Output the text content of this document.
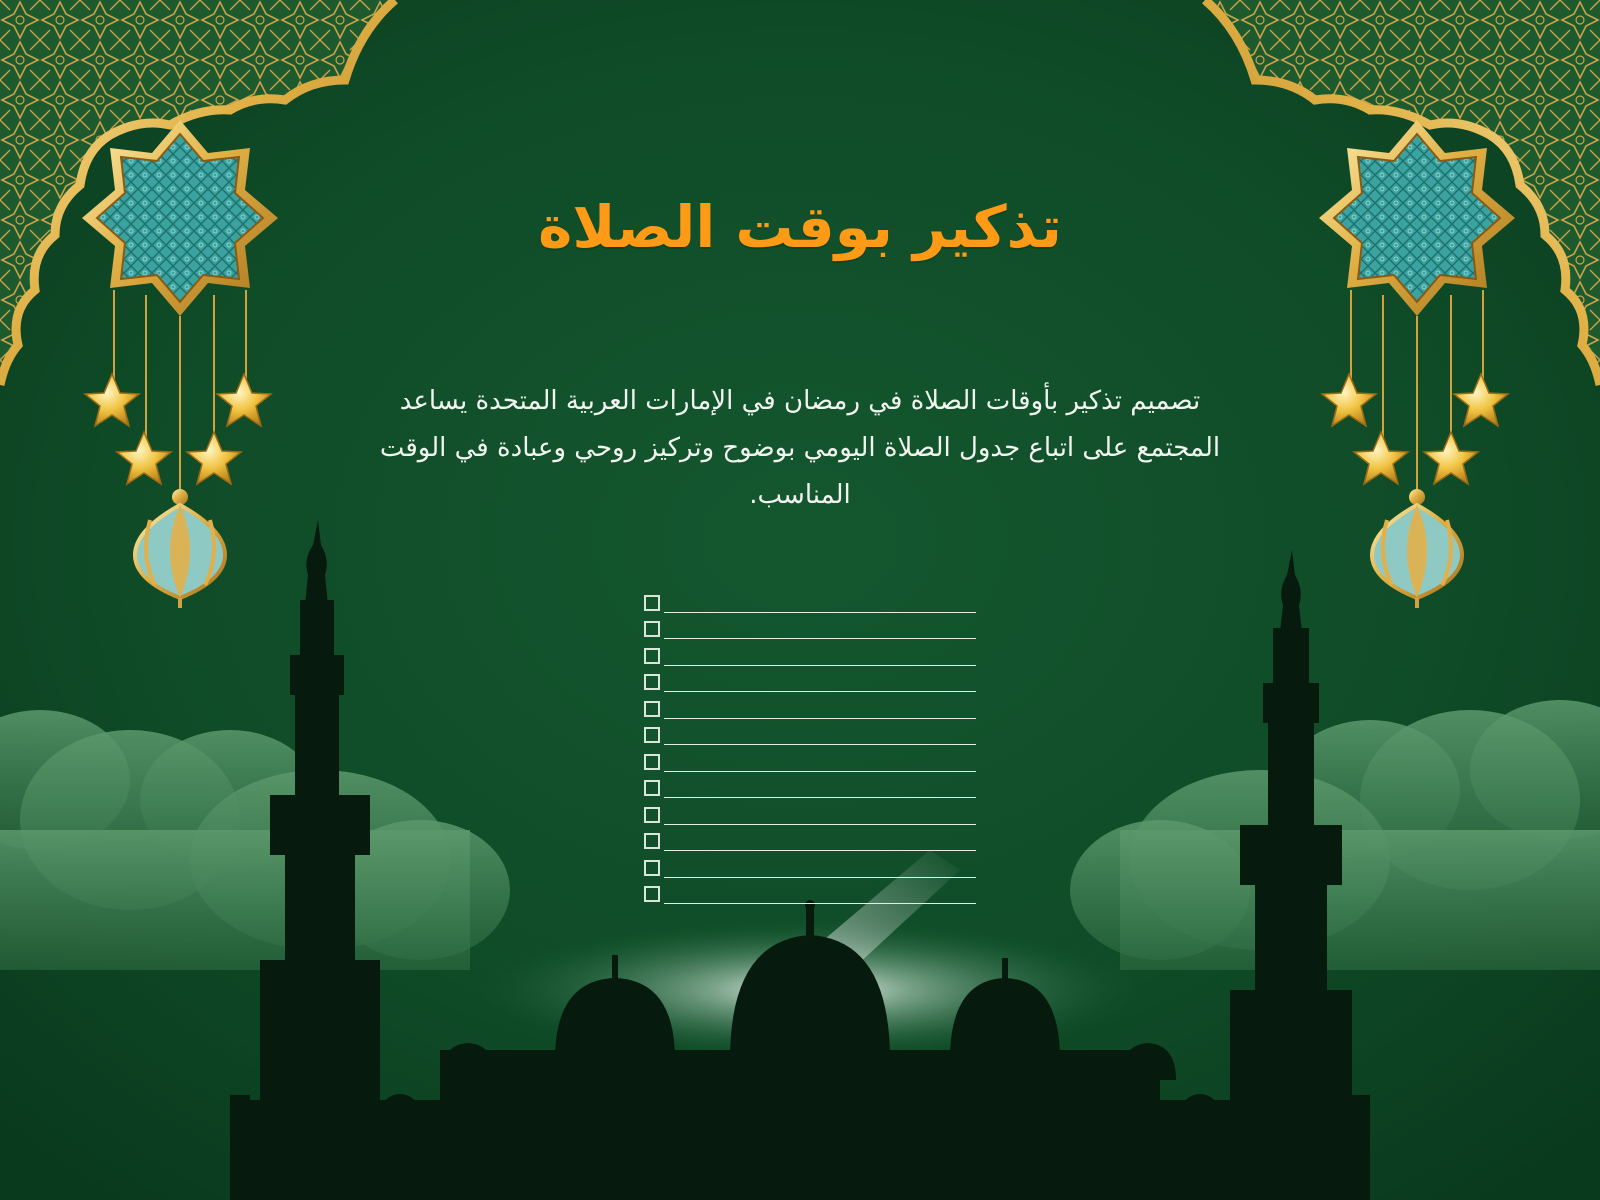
تذكير بوقت الصلاة
تصميم تذكير بأوقات الصلاة في رمضان في الإمارات العربية المتحدة يساعد المجتمع على اتباع جدول الصلاة اليومي بوضوح وتركيز روحي وعبادة في الوقت المناسب.
